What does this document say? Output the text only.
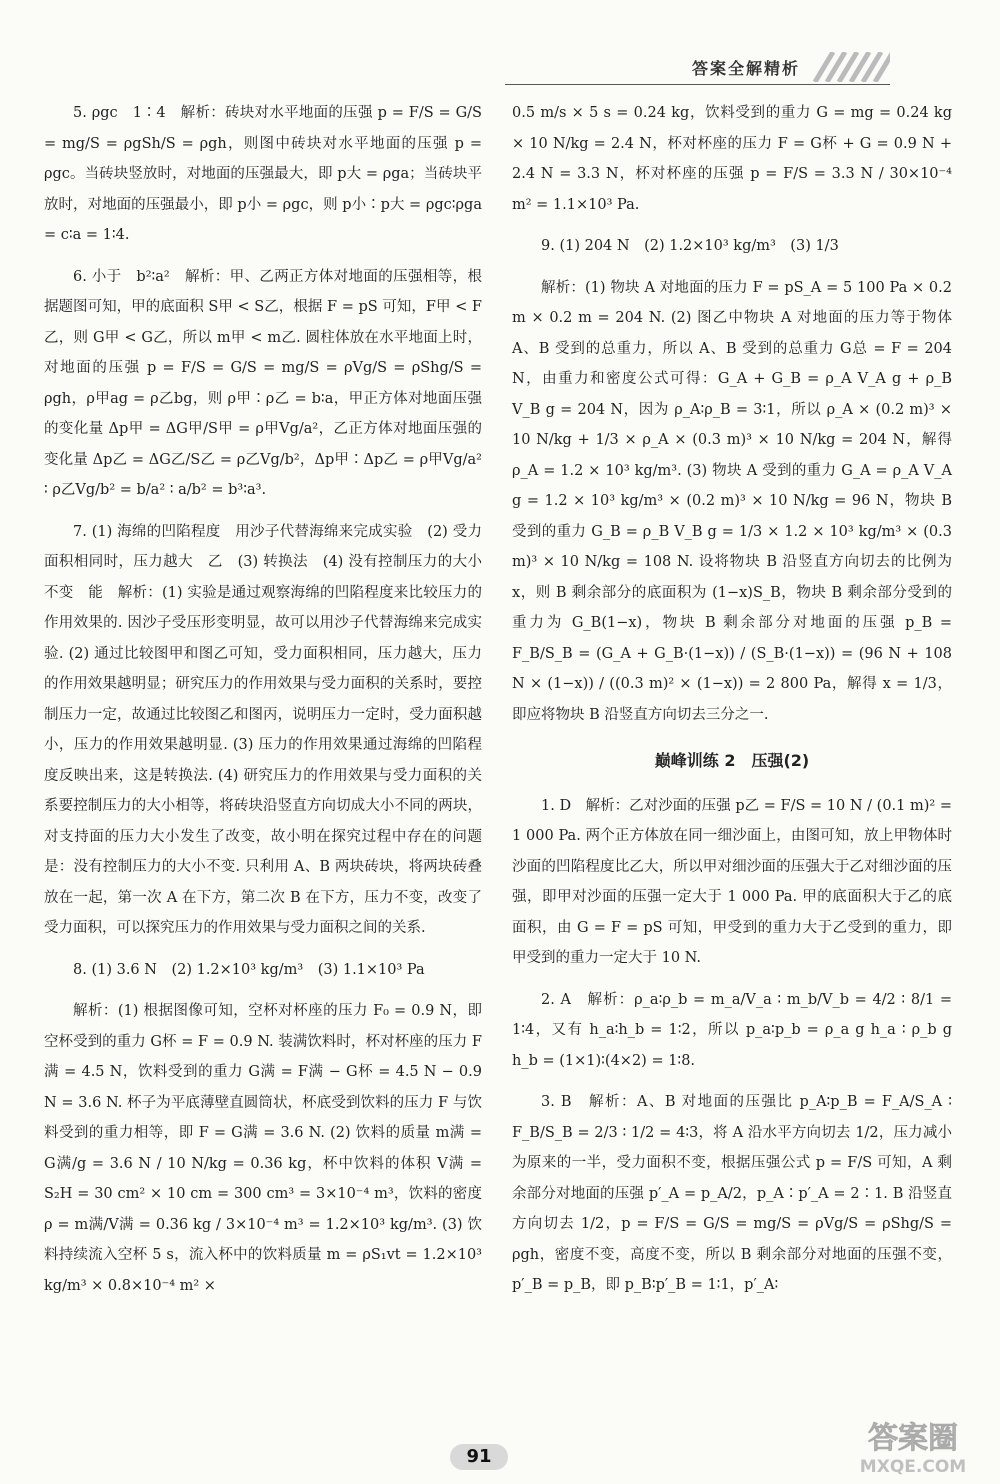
答案全解精析

5. ρgc　1∶4　解析：砖块对水平地面的压强 p = F/S = G/S = mg/S = ρgSh/S = ρgh，则图中砖块对水平地面的压强 p = ρgc。当砖块竖放时，对地面的压强最大，即 p大 = ρga；当砖块平放时，对地面的压强最小，即 p小 = ρgc，则 p小∶p大 = ρgc∶ρga = c∶a = 1∶4.

6. 小于　b²∶a²　解析：甲、乙两正方体对地面的压强相等，根据题图可知，甲的底面积 S甲 < S乙，根据 F = pS 可知，F甲 < F乙，则 G甲 < G乙，所以 m甲 < m乙. 圆柱体放在水平地面上时，对地面的压强 p = F/S = G/S = mg/S = ρVg/S = ρShg/S = ρgh，ρ甲ag = ρ乙bg，则 ρ甲∶ρ乙 = b∶a，甲正方体对地面压强的变化量 Δp甲 = ΔG甲/S甲 = ρ甲Vg/a²，乙正方体对地面压强的变化量 Δp乙 = ΔG乙/S乙 = ρ乙Vg/b²，Δp甲∶Δp乙 = ρ甲Vg/a² ∶ ρ乙Vg/b² = b/a² ∶ a/b² = b³∶a³.

7. (1) 海绵的凹陷程度　用沙子代替海绵来完成实验　(2) 受力面积相同时，压力越大　乙　(3) 转换法　(4) 没有控制压力的大小不变　能　解析：(1) 实验是通过观察海绵的凹陷程度来比较压力的作用效果的. 因沙子受压形变明显，故可以用沙子代替海绵来完成实验. (2) 通过比较图甲和图乙可知，受力面积相同，压力越大，压力的作用效果越明显；研究压力的作用效果与受力面积的关系时，要控制压力一定，故通过比较图乙和图丙，说明压力一定时，受力面积越小，压力的作用效果越明显. (3) 压力的作用效果通过海绵的凹陷程度反映出来，这是转换法. (4) 研究压力的作用效果与受力面积的关系要控制压力的大小相等，将砖块沿竖直方向切成大小不同的两块，对支持面的压力大小发生了改变，故小明在探究过程中存在的问题是：没有控制压力的大小不变. 只利用 A、B 两块砖块，将两块砖叠放在一起，第一次 A 在下方，第二次 B 在下方，压力不变，改变了受力面积，可以探究压力的作用效果与受力面积之间的关系.

8. (1) 3.6 N　(2) 1.2×10³ kg/m³　(3) 1.1×10³ Pa

解析：(1) 根据图像可知，空杯对杯座的压力 F₀ = 0.9 N，即空杯受到的重力 G杯 = F = 0.9 N. 装满饮料时，杯对杯座的压力 F满 = 4.5 N，饮料受到的重力 G满 = F满 − G杯 = 4.5 N − 0.9 N = 3.6 N. 杯子为平底薄壁直圆筒状，杯底受到饮料的压力 F 与饮料受到的重力相等，即 F = G满 = 3.6 N. (2) 饮料的质量 m满 = G满/g = 3.6 N / 10 N/kg = 0.36 kg，杯中饮料的体积 V满 = S₂H = 30 cm² × 10 cm = 300 cm³ = 3×10⁻⁴ m³，饮料的密度 ρ = m满/V满 = 0.36 kg / 3×10⁻⁴ m³ = 1.2×10³ kg/m³. (3) 饮料持续流入空杯 5 s，流入杯中的饮料质量 m = ρS₁vt = 1.2×10³ kg/m³ × 0.8×10⁻⁴ m² ×

0.5 m/s × 5 s = 0.24 kg，饮料受到的重力 G = mg = 0.24 kg × 10 N/kg = 2.4 N，杯对杯座的压力 F = G杯 + G = 0.9 N + 2.4 N = 3.3 N，杯对杯座的压强 p = F/S = 3.3 N / 30×10⁻⁴ m² = 1.1×10³ Pa.

9. (1) 204 N　(2) 1.2×10³ kg/m³　(3) 1/3

解析：(1) 物块 A 对地面的压力 F = pS_A = 5 100 Pa × 0.2 m × 0.2 m = 204 N. (2) 图乙中物块 A 对地面的压力等于物体 A、B 受到的总重力，所以 A、B 受到的总重力 G总 = F = 204 N，由重力和密度公式可得：G_A + G_B = ρ_A V_A g + ρ_B V_B g = 204 N，因为 ρ_A∶ρ_B = 3∶1，所以 ρ_A × (0.2 m)³ × 10 N/kg + 1/3 × ρ_A × (0.3 m)³ × 10 N/kg = 204 N，解得 ρ_A = 1.2 × 10³ kg/m³. (3) 物块 A 受到的重力 G_A = ρ_A V_A g = 1.2 × 10³ kg/m³ × (0.2 m)³ × 10 N/kg = 96 N，物块 B 受到的重力 G_B = ρ_B V_B g = 1/3 × 1.2 × 10³ kg/m³ × (0.3 m)³ × 10 N/kg = 108 N. 设将物块 B 沿竖直方向切去的比例为 x，则 B 剩余部分的底面积为 (1−x)S_B，物块 B 剩余部分受到的重力为 G_B(1−x)，物块 B 剩余部分对地面的压强 p_B = F_B/S_B = (G_A + G_B·(1−x)) / (S_B·(1−x)) = (96 N + 108 N × (1−x)) / ((0.3 m)² × (1−x)) = 2 800 Pa，解得 x = 1/3，即应将物块 B 沿竖直方向切去三分之一.

巅峰训练 2　压强(2)

1. D　解析：乙对沙面的压强 p乙 = F/S = 10 N / (0.1 m)² = 1 000 Pa. 两个正方体放在同一细沙面上，由图可知，放上甲物体时沙面的凹陷程度比乙大，所以甲对细沙面的压强大于乙对细沙面的压强，即甲对沙面的压强一定大于 1 000 Pa. 甲的底面积大于乙的底面积，由 G = F = pS 可知，甲受到的重力大于乙受到的重力，即甲受到的重力一定大于 10 N.

2. A　解析：ρ_a∶ρ_b = m_a/V_a ∶ m_b/V_b = 4/2 ∶ 8/1 = 1∶4，又有 h_a∶h_b = 1∶2，所以 p_a∶p_b = ρ_a g h_a ∶ ρ_b g h_b = (1×1)∶(4×2) = 1∶8.

3. B　解析：A、B 对地面的压强比 p_A∶p_B = F_A/S_A ∶ F_B/S_B = 2/3 ∶ 1/2 = 4∶3，将 A 沿水平方向切去 1/2，压力减小为原来的一半，受力面积不变，根据压强公式 p = F/S 可知，A 剩余部分对地面的压强 p′_A = p_A/2，p_A∶p′_A = 2∶1. B 沿竖直方向切去 1/2，p = F/S = G/S = mg/S = ρVg/S = ρShg/S = ρgh，密度不变，高度不变，所以 B 剩余部分对地面的压强不变，p′_B = p_B，即 p_B∶p′_B = 1∶1，p′_A∶

91
答案圈
MXQE.COM
